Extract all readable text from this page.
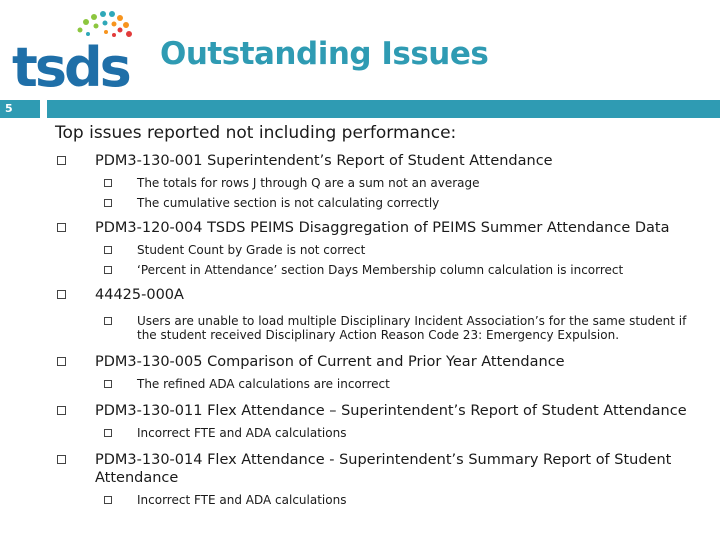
tsds Outstanding Issues
5
Top issues reported not including performance:
PDM3-130-001 Superintendent’s Report of Student Attendance
The totals for rows J through Q are a sum not an average
The cumulative section is not calculating correctly
PDM3-120-004 TSDS PEIMS Disaggregation of PEIMS Summer Attendance Data
Student Count by Grade is not correct
‘Percent in Attendance’ section Days Membership column calculation is incorrect
44425-000A
Users are unable to load multiple Disciplinary Incident Association’s for the same student if the student received Disciplinary Action Reason Code 23: Emergency Expulsion.
PDM3-130-005 Comparison of Current and Prior Year Attendance
The refined ADA calculations are incorrect
PDM3-130-011 Flex Attendance – Superintendent’s Report of Student Attendance
Incorrect FTE and ADA calculations
PDM3-130-014 Flex Attendance - Superintendent’s Summary Report of Student Attendance
Incorrect FTE and ADA calculations
